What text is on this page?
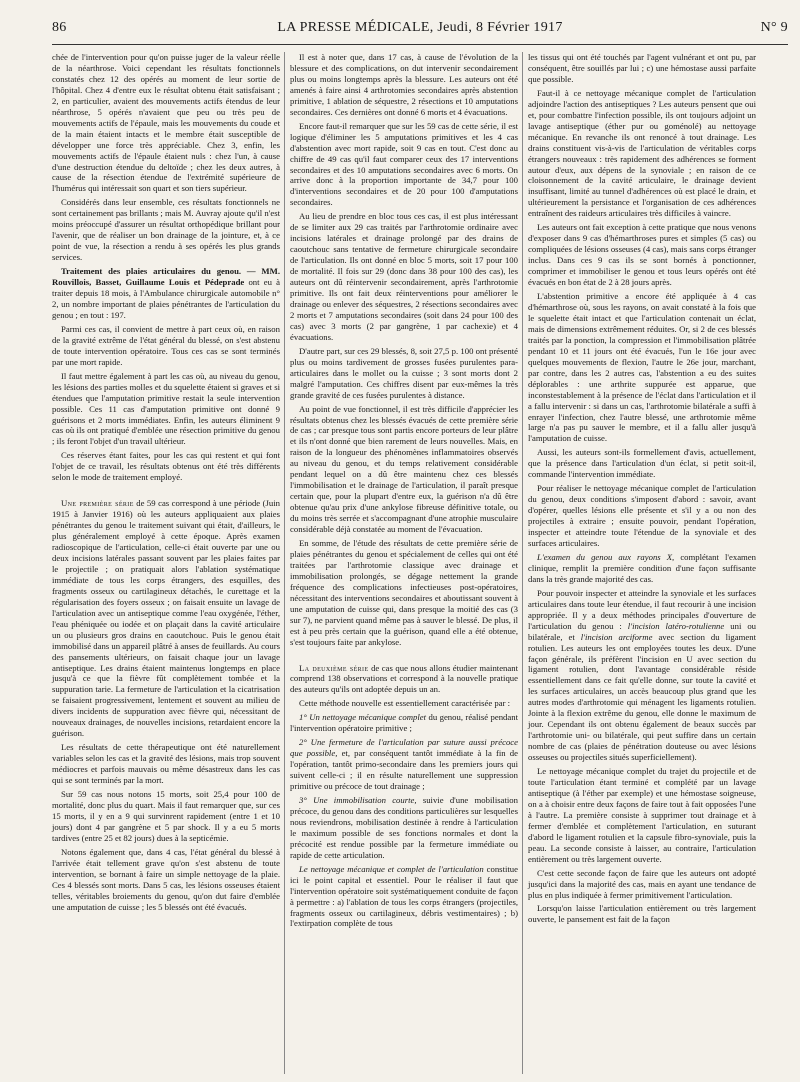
86	LA PRESSE MÉDICALE, Jeudi, 8 Février 1917	N° 9

chée de l'intervention pour qu'on puisse juger de la valeur réelle de la néarthrose. Voici cependant les résultats fonctionnels constatés chez 12 des opérés au moment de leur sortie de l'hôpital. Chez 4 d'entre eux le résultat obtenu était satisfaisant ; 2, en particulier, avaient des mouvements actifs étendus de leur néarthrose, 5 opérés n'avaient que peu ou très peu de mouvements actifs de l'épaule, mais les mouvements du coude et de la main étaient intacts et le membre était susceptible de développer une force très appréciable. Chez 3, enfin, les mouvements actifs de l'épaule étaient nuls : chez l'un, à cause d'une destruction étendue du deltoïde ; chez les deux autres, à cause de la résection étendue de l'extrémité supérieure de l'humérus qui intéressait son quart et son tiers supérieur.

Considérés dans leur ensemble, ces résultats fonctionnels ne sont certainement pas brillants ; mais M. Auvray ajoute qu'il n'est moins préoccupé d'assurer un résultat orthopédique brillant pour l'avenir, que de réaliser un bon drainage de la jointure, et, à ce point de vue, la résection a rendu à ses opérés les plus grands services.

Traitement des plaies articulaires du genou. — MM. Rouvillois, Basset, Guillaume Louis et Pédeprade ont eu à traiter depuis 18 mois, à l'Ambulance chirurgicale automobile n° 2, un nombre important de plaies pénétrantes de l'articulation du genou ; en tout : 197.

Parmi ces cas, il convient de mettre à part ceux où, en raison de la gravité extrême de l'état général du blessé, on s'est abstenu de toute intervention opératoire. Tous ces cas se sont terminés par une mort rapide.

Il faut mettre également à part les cas où, au niveau du genou, les lésions des parties molles et du squelette étaient si graves et si étendues que l'amputation primitive restait la seule intervention possible. Ces 11 cas d'amputation primitive ont donné 9 guérisons et 2 morts immédiates. Enfin, les auteurs éliminent 9 cas où ils ont pratiqué d'emblée une résection primitive du genou ; ils feront l'objet d'un travail ultérieur.

Ces réserves étant faites, pour les cas qui restent et qui font l'objet de ce travail, les résultats obtenus ont été très différents selon le mode de traitement employé.

Une première série de 59 cas correspond à une période (Juin 1915 à Janvier 1916) où les auteurs appliquaient aux plaies pénétrantes du genou le traitement suivant qui était, d'ailleurs, le plus généralement employé à cette époque. Après examen radioscopique de l'articulation, celle-ci était ouverte par une ou deux incisions latérales passant souvent par les plaies faites par le projectile ; on pratiquait alors l'ablation systématique immédiate de tous les corps étrangers, des esquilles, des fragments osseux ou cartilagineux détachés, le curettage et la régularisation des foyers osseux ; on faisait ensuite un lavage de l'articulation avec un antiseptique comme l'eau oxygénée, l'éther, l'eau phéniquée ou iodée et on plaçait dans la cavité articulaire un ou plusieurs gros drains en caoutchouc. Puis le genou était immobilisé dans un appareil plâtré à anses de feuillards. Au cours des pansements ultérieurs, on faisait chaque jour un lavage antiseptique. Les drains étaient maintenus longtemps en place jusqu'à ce que la fièvre fût complètement tombée et la suppuration tarie. La fermeture de l'articulation et la cicatrisation se faisaient progressivement, lentement et souvent au milieu de divers incidents de suppuration avec fièvre qui, nécessitant de nouveaux drainages, de nouvelles incisions, retardaient encore la guérison.

Les résultats de cette thérapeutique ont été naturellement variables selon les cas et la gravité des lésions, mais trop souvent médiocres et parfois mauvais ou même désastreux dans les cas qui se sont terminés par la mort.

Sur 59 cas nous notons 15 morts, soit 25,4 pour 100 de mortalité, donc plus du quart. Mais il faut remarquer que, sur ces 15 morts, il y en a 9 qui survinrent rapidement (entre 1 et 10 jours) dont 4 par gangrène et 5 par shock. Il y a eu 5 morts tardives (entre 25 et 82 jours) dues à la septicémie.

Notons également que, dans 4 cas, l'état général du blessé à l'arrivée était tellement grave qu'on s'est abstenu de toute intervention, se bornant à faire un simple nettoyage de la plaie. Ces 4 blessés sont morts. Dans 5 cas, les lésions osseuses étaient telles, véritables broiements du genou, qu'on dut faire d'emblée une amputation de cuisse ; les 5 blessés ont été évacués.

Il est à noter que, dans 17 cas, à cause de l'évolution de la blessure et des complications, on dut intervenir secondairement plus ou moins longtemps après la blessure. Les auteurs ont été amenés à faire ainsi 4 arthrotomies secondaires après abstention primitive, 1 ablation de séquestre, 2 résections et 10 amputations secondaires. Ces dernières ont donné 6 morts et 4 évacuations.

Encore faut-il remarquer que sur les 59 cas de cette série, il est logique d'éliminer les 5 amputations primitives et les 4 cas d'abstention avec mort rapide, soit 9 cas en tout. C'est donc au chiffre de 49 cas qu'il faut comparer ceux des 17 interventions secondaires et des 10 amputations secondaires avec 6 morts. On arrive donc à la proportion importante de 34,7 pour 100 d'interventions secondaires et de 20 pour 100 d'amputations secondaires.

Au lieu de prendre en bloc tous ces cas, il est plus intéressant de se limiter aux 29 cas traités par l'arthrotomie ordinaire avec incisions latérales et drainage prolongé par des drains de caoutchouc sans tentative de fermeture chirurgicale secondaire de l'articulation. Ils ont donné en bloc 5 morts, soit 17 pour 100 de mortalité. Il fois sur 29 (donc dans 38 pour 100 des cas), les auteurs ont dû réintervenir secondairement, après l'arthrotomie primitive. Ils ont fait deux réinterventions pour améliorer le drainage ou enlever des séquestres, 2 résections secondaires avec 2 morts et 7 amputations secondaires (soit dans 24 pour 100 des cas) avec 3 morts (2 par gangrène, 1 par cachexie) et 4 évacuations.

D'autre part, sur ces 29 blessés, 8, soit 27,5 p. 100 ont présenté plus ou moins tardivement de grosses fusées purulentes para-articulaires dans le mollet ou la cuisse ; 3 sont morts dont 2 malgré l'amputation. Ces chiffres disent par eux-mêmes la très grande gravité de ces fusées purulentes à distance.

Au point de vue fonctionnel, il est très difficile d'apprécier les résultats obtenus chez les blessés évacués de cette première série de cas ; car presque tous sont partis encore porteurs de leur plâtre et ils n'ont donné que bien rarement de leurs nouvelles. Mais, en raison de la longueur des phénomènes inflammatoires observés au niveau du genou, et du temps relativement considérable pendant lequel on a dû être maintenu chez ces blessés l'immobilisation et le drainage de l'articulation, il paraît presque certain que, pour la plupart d'entre eux, la guérison n'a dû être obtenue qu'au prix d'une ankylose fibreuse définitive totale, ou du moins très serrée et s'accompagnant d'une atrophie musculaire considérable déjà constatée au moment de l'évacuation.

En somme, de l'étude des résultats de cette première série de plaies pénétrantes du genou et spécialement de celles qui ont été traitées par l'arthrotomie classique avec drainage et immobilisation prolongés, se dégage nettement la grande fréquence des complications infectieuses post-opératoires, nécessitant des interventions secondaires et aboutissant souvent à une amputation de cuisse qui, dans presque la moitié des cas (3 sur 7), ne parvient quand même pas à sauver le blessé. De plus, il est à peu près certain que la guérison, quand elle a été obtenue, s'est toujours faite par ankylose.

La deuxième série de cas que nous allons étudier maintenant comprend 138 observations et correspond à la nouvelle pratique des auteurs qu'ils ont adoptée depuis un an.

Cette méthode nouvelle est essentiellement caractérisée par :

1° Un nettoyage mécanique complet du genou, réalisé pendant l'intervention opératoire primitive ;

2° Une fermeture de l'articulation par suture aussi précoce que possible, et, par conséquent tantôt immédiate à la fin de l'opération, tantôt primo-secondaire dans les premiers jours qui suivent celle-ci ; il en résulte naturellement une suppression primitive ou précoce de tout drainage ;

3° Une immobilisation courte, suivie d'une mobilisation précoce, du genou dans des conditions particulières sur lesquelles nous reviendrons, mobilisation destinée à rendre à l'articulation le maximum possible de ses fonctions normales et dont la précocité est rendue possible par la fermeture immédiate ou rapide de cette articulation.

Le nettoyage mécanique et complet de l'articulation constitue ici le point capital et essentiel. Pour le réaliser il faut que l'intervention opératoire soit systématiquement conduite de façon à permettre : a) l'ablation de tous les corps étrangers (projectiles, fragments osseux ou cartilagineux, débris vestimentaires) ; b) l'extirpation complète de tous

les tissus qui ont été touchés par l'agent vulnérant et ont pu, par conséquent, être souillés par lui ; c) une hémostase aussi parfaite que possible.

Faut-il à ce nettoyage mécanique complet de l'articulation adjoindre l'action des antiseptiques ? Les auteurs pensent que oui et, pour combattre l'infection possible, ils ont toujours adjoint un lavage antiseptique (éther pur ou goménolé) au nettoyage mécanique. En revanche ils ont renoncé à tout drainage. Les drains constituent vis-à-vis de l'articulation de véritables corps étrangers nouveaux : très rapidement des adhérences se forment autour d'eux, aux dépens de la synoviale ; en raison de ce cloisonnement de la cavité articulaire, le drainage devient insuffisant, limité au tunnel d'adhérences où est placé le drain, et ultérieurement la persistance et l'organisation de ces adhérences entraînent des raideurs articulaires très difficiles à vaincre.

Les auteurs ont fait exception à cette pratique que nous venons d'exposer dans 9 cas d'hémarthroses pures et simples (5 cas) ou compliquées de lésions osseuses (4 cas), mais sans corps étranger inclus. Dans ces 9 cas ils se sont bornés à ponctionner, comprimer et immobiliser le genou et tous leurs opérés ont été évacués en bon état de 2 à 28 jours après.

L'abstention primitive a encore été appliquée à 4 cas d'hémarthrose où, sous les rayons, on avait constaté à la fois que le squelette était intact et que l'articulation contenait un éclat, mais de dimensions extrêmement réduites. Or, si 2 de ces blessés traités par la ponction, la compression et l'immobilisation plâtrée pendant 10 et 11 jours ont été évacués, l'un le 16e jour avec quelques mouvements de flexion, l'autre le 26e jour, marchant, par contre, dans les 2 autres cas, l'abstention a eu des suites déplorables : une arthrite suppurée est apparue, que inconstestablement à la présence de l'éclat dans l'articulation et il a fallu intervenir : si dans un cas, l'arthrotomie bilatérale a suffi à enrayer l'infection, chez l'autre blessé, une arthrotomie même large n'a pas pu sauver le membre, et il a fallu aller jusqu'à l'amputation de cuisse.

Aussi, les auteurs sont-ils formellement d'avis, actuellement, que la présence dans l'articulation d'un éclat, si petit soit-il, commande l'intervention immédiate.

Pour réaliser le nettoyage mécanique complet de l'articulation du genou, deux conditions s'imposent d'abord : savoir, avant d'opérer, quelles lésions elle présente et s'il y a ou non des projectiles à extraire ; ensuite pouvoir, pendant l'opération, inspecter et atteindre toute l'étendue de la synoviale et des surfaces articulaires.

L'examen du genou aux rayons X, complétant l'examen clinique, remplit la première condition d'une façon suffisante dans la très grande majorité des cas.

Pour pouvoir inspecter et atteindre la synoviale et les surfaces articulaires dans toute leur étendue, il faut recourir à une incision appropriée. Il y a deux méthodes principales d'ouverture de l'articulation du genou : l'incision latéro-rotulienne uni ou bilatérale, et l'incision arciforme avec section du ligament rotulien. Les auteurs les ont employées toutes les deux. D'une façon générale, ils préfèrent l'incision en U avec section du ligament rotulien, dont l'avantage considérable réside essentiellement dans ce fait qu'elle donne, sur toute la cavité et les surfaces articulaires, un accès beaucoup plus grand que les autres modes d'arthrotomie qui ménagent les ligaments rotulien. Jointe à la flexion extrême du genou, elle donne le maximum de jour. Cependant ils ont obtenu également de beaux succès par l'arthrotomie uni- ou bilatérale, qui peut suffire dans un certain nombre de cas (plaies de pénétration douteuse ou avec lésions osseuses ou projectiles situés superficiellement).

Le nettoyage mécanique complet du trajet du projectile et de toute l'articulation étant terminé et complété par un lavage antiseptique (à l'éther par exemple) et une hémostase soigneuse, on a à choisir entre deux façons de faire tout à fait opposées l'une à l'autre. La première consiste à supprimer tout drainage et à fermer d'emblée et complètement l'articulation, en suturant d'abord le ligament rotulien et la capsule fibro-synoviale, puis la peau. La seconde consiste à laisser, au contraire, l'articulation entièrement ou très largement ouverte.

C'est cette seconde façon de faire que les auteurs ont adopté jusqu'ici dans la majorité des cas, mais en ayant une tendance de plus en plus indiquée à fermer primitivement l'articulation.

Lorsqu'on laisse l'articulation entièrement ou très largement ouverte, le pansement est fait de la façon
